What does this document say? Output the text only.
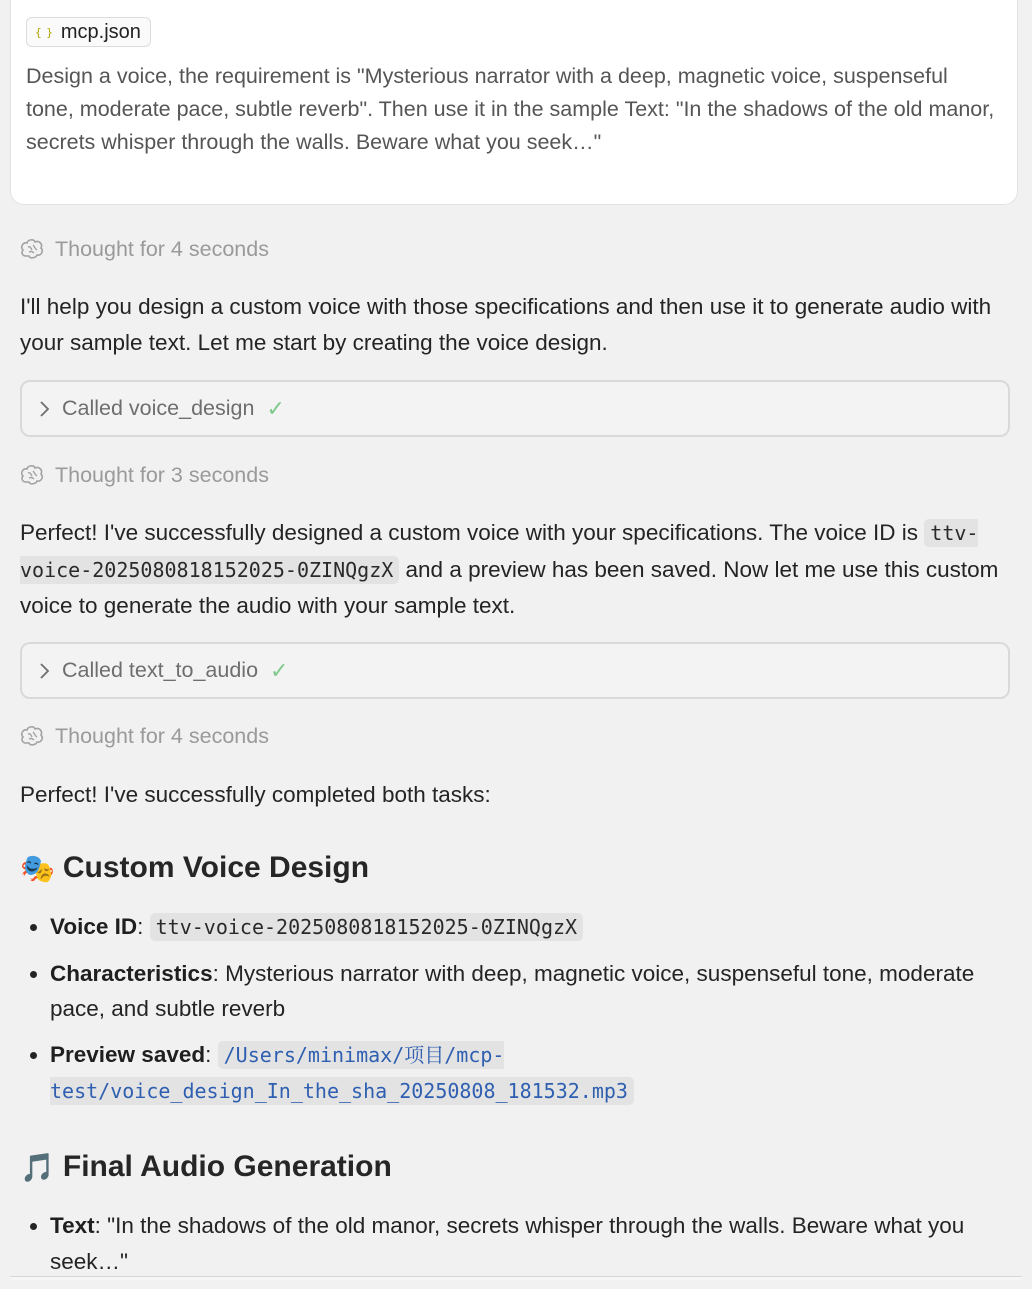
{ } mcp.json

Design a voice, the requirement is "Mysterious narrator with a deep, magnetic voice, suspenseful tone, moderate pace, subtle reverb". Then use it in the sample Text: "In the shadows of the old manor, secrets whisper through the walls. Beware what you seek…"

Thought for 4 seconds

I'll help you design a custom voice with those specifications and then use it to generate audio with your sample text. Let me start by creating the voice design.

Called voice_design ✓
Thought for 3 seconds

Perfect! I've successfully designed a custom voice with your specifications. The voice ID is ttv-voice-2025080818152025-0ZINQgzX and a preview has been saved. Now let me use this custom voice to generate the audio with your sample text.

Called text_to_audio ✓
Thought for 4 seconds

Perfect! I've successfully completed both tasks:

🎭 Custom Voice Design
• Voice ID: ttv-voice-2025080818152025-0ZINQgzX
• Characteristics: Mysterious narrator with deep, magnetic voice, suspenseful tone, moderate pace, and subtle reverb
• Preview saved: /Users/minimax/项目/mcp-test/voice_design_In_the_sha_20250808_181532.mp3
🎵 Final Audio Generation
• Text: "In the shadows of the old manor, secrets whisper through the walls. Beware what you seek…"
